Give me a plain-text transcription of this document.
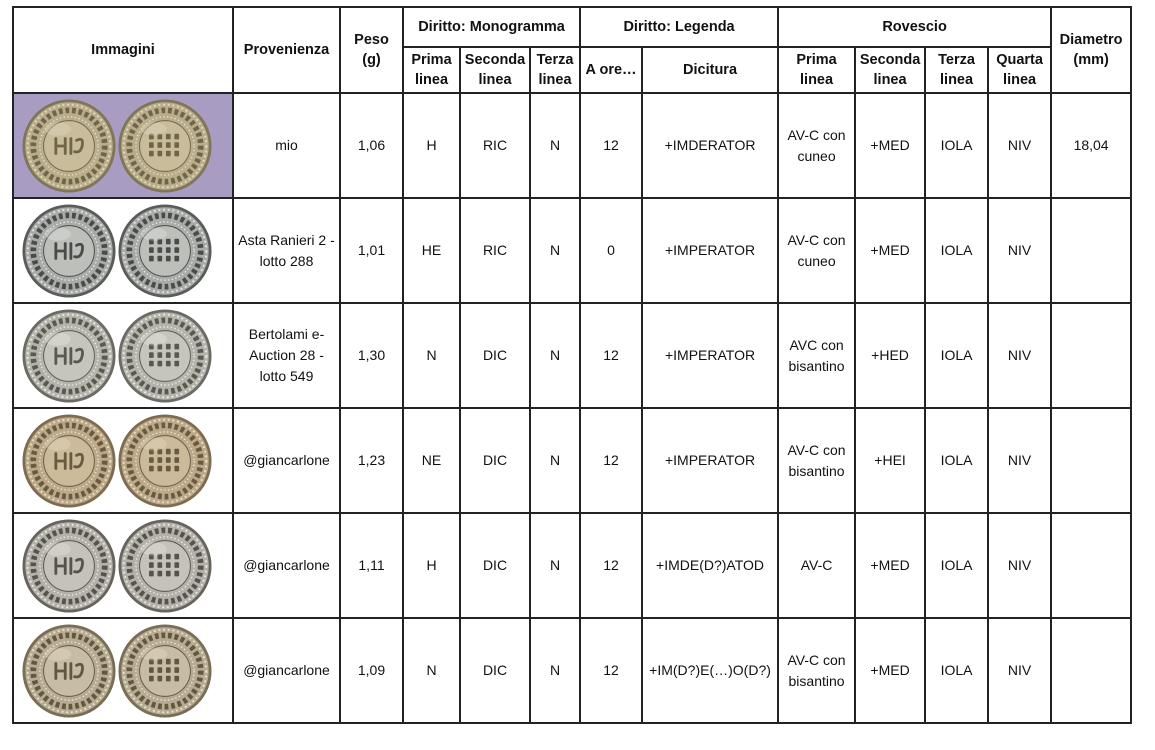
Immagini	Provenienza	Peso (g)	Diritto: Monogramma			Diritto: Legenda		Rovescio				Diametro (mm)
			Prima linea	Seconda linea	Terza linea	A ore…	Dicitura	Prima linea	Seconda linea	Terza linea	Quarta linea	

mio	1,06	H	RIC	N	12	+IMDERATOR	AV-C con cuneo	+MED	IOLA	NIV	18,04

Asta Ranieri 2 - lotto 288	1,01	HE	RIC	N	0	+IMPERATOR	AV-C con cuneo	+MED	IOLA	NIV	

Bertolami e-Auction 28 - lotto 549	1,30	N	DIC	N	12	+IMPERATOR	AVC con bisantino	+HED	IOLA	NIV	

@giancarlone	1,23	NE	DIC	N	12	+IMPERATOR	AV-C con bisantino	+HEI	IOLA	NIV	

@giancarlone	1,11	H	DIC	N	12	+IMDE(D?)ATOD	AV-C	+MED	IOLA	NIV	

@giancarlone	1,09	N	DIC	N	12	+IM(D?)E(…)O(D?)	AV-C con bisantino	+MED	IOLA	NIV	
